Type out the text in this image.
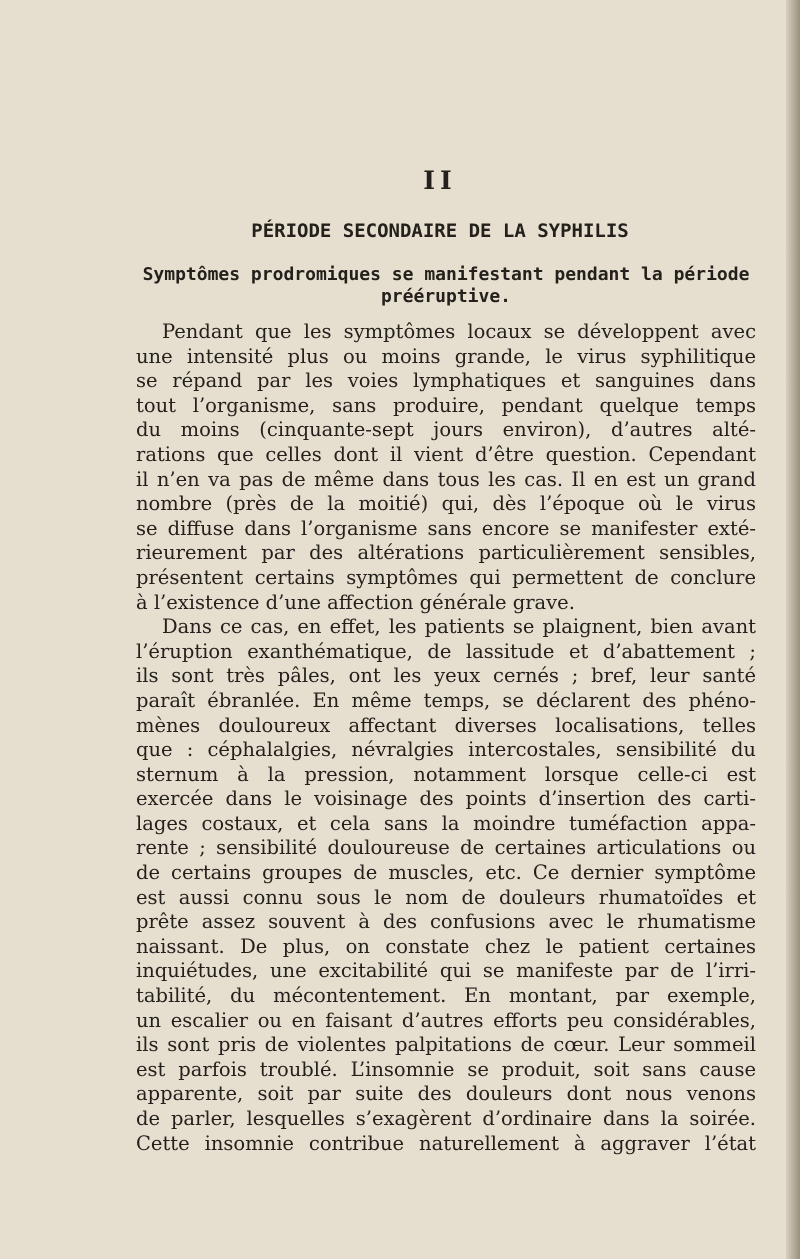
II
PÉRIODE SECONDAIRE DE LA SYPHILIS
Symptômes prodromiques se manifestant pendant la période prééruptive.

Pendant que les symptômes locaux se développent avec
une intensité plus ou moins grande, le virus syphilitique
se répand par les voies lymphatiques et sanguines dans
tout l’organisme, sans produire, pendant quelque temps
du moins (cinquante-sept jours environ), d’autres alté-
rations que celles dont il vient d’être question. Cependant
il n’en va pas de même dans tous les cas. Il en est un grand
nombre (près de la moitié) qui, dès l’époque où le virus
se diffuse dans l’organisme sans encore se manifester exté-
rieurement par des altérations particulièrement sensibles,
présentent certains symptômes qui permettent de conclure
à l’existence d’une affection générale grave.

Dans ce cas, en effet, les patients se plaignent, bien avant
l’éruption exanthématique, de lassitude et d’abattement ;
ils sont très pâles, ont les yeux cernés ; bref, leur santé
paraît ébranlée. En même temps, se déclarent des phéno-
mènes douloureux affectant diverses localisations, telles
que : céphalalgies, névralgies intercostales, sensibilité du
sternum à la pression, notamment lorsque celle-ci est
exercée dans le voisinage des points d’insertion des carti-
lages costaux, et cela sans la moindre tuméfaction appa-
rente ; sensibilité douloureuse de certaines articulations ou
de certains groupes de muscles, etc. Ce dernier symptôme
est aussi connu sous le nom de douleurs rhumatoïdes et
prête assez souvent à des confusions avec le rhumatisme
naissant. De plus, on constate chez le patient certaines
inquiétudes, une excitabilité qui se manifeste par de l’irri-
tabilité, du mécontentement. En montant, par exemple,
un escalier ou en faisant d’autres efforts peu considérables,
ils sont pris de violentes palpitations de cœur. Leur sommeil
est parfois troublé. L’insomnie se produit, soit sans cause
apparente, soit par suite des douleurs dont nous venons
de parler, lesquelles s’exagèrent d’ordinaire dans la soirée.
Cette insomnie contribue naturellement à aggraver l’état
